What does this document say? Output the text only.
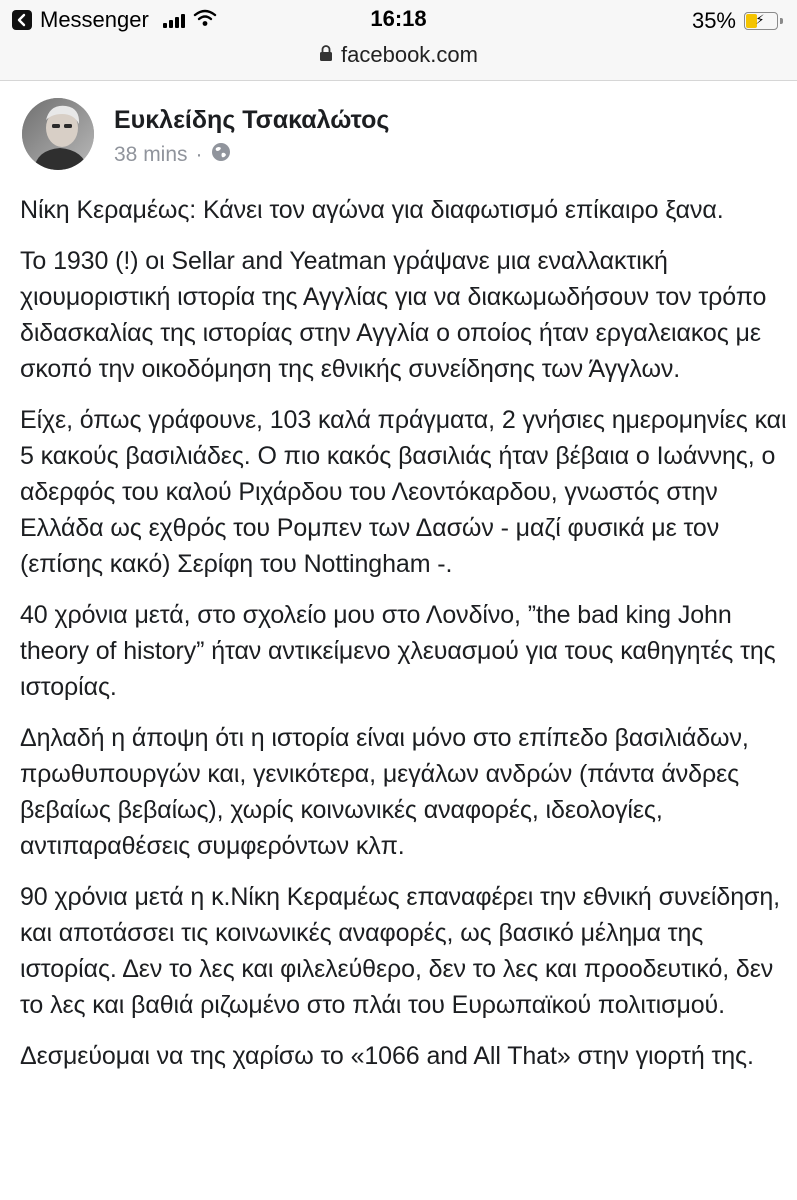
Messenger	16:18	35%	⚡
facebook.com
Ευκλείδης Τσακαλώτος
38 mins ·

Νίκη Κεραμέως: Κάνει τον αγώνα για διαφωτισμό επίκαιρο ξανα.

Το 1930 (!) οι Sellar and Yeatman γράψανε μια εναλλακτική χιουμοριστική ιστορία της Αγγλίας για να διακωμωδήσουν τον τρόπο διδασκαλίας της ιστορίας στην Αγγλία ο οποίος ήταν εργαλειακος με σκοπό την οικοδόμηση της εθνικής συνείδησης των Άγγλων.

Είχε, όπως γράφουνε, 103 καλά πράγματα, 2 γνήσιες ημερομηνίες και 5 κακούς βασιλιάδες. Ο πιο κακός βασιλιάς ήταν βέβαια ο Ιωάννης, ο αδερφός του καλού Ριχάρδου του Λεοντόκαρδου, γνωστός στην Ελλάδα ως εχθρός του Ρομπεν των Δασών - μαζί φυσικά με τον (επίσης κακό) Σερίφη του Nottingham -.

40 χρόνια μετά, στο σχολείο μου στο Λονδίνο, ”the bad king John theory of history” ήταν αντικείμενο χλευασμού για τους καθηγητές της ιστορίας.

Δηλαδή η άποψη ότι η ιστορία είναι μόνο στο επίπεδο βασιλιάδων, πρωθυπουργών και, γενικότερα, μεγάλων ανδρών (πάντα άνδρες βεβαίως βεβαίως), χωρίς κοινωνικές αναφορές, ιδεολογίες, αντιπαραθέσεις συμφερόντων κλπ.

90 χρόνια μετά η κ.Νίκη Κεραμέως επαναφέρει την εθνική συνείδηση, και αποτάσσει τις κοινωνικές αναφορές, ως βασικό μέλημα της ιστορίας. Δεν το λες και φιλελεύθερο, δεν το λες και προοδευτικό, δεν το λες και βαθιά ριζωμένο στο πλάι του Ευρωπαϊκού πολιτισμού.

Δεσμεύομαι να της χαρίσω το «1066 and All That» στην γιορτή της.
